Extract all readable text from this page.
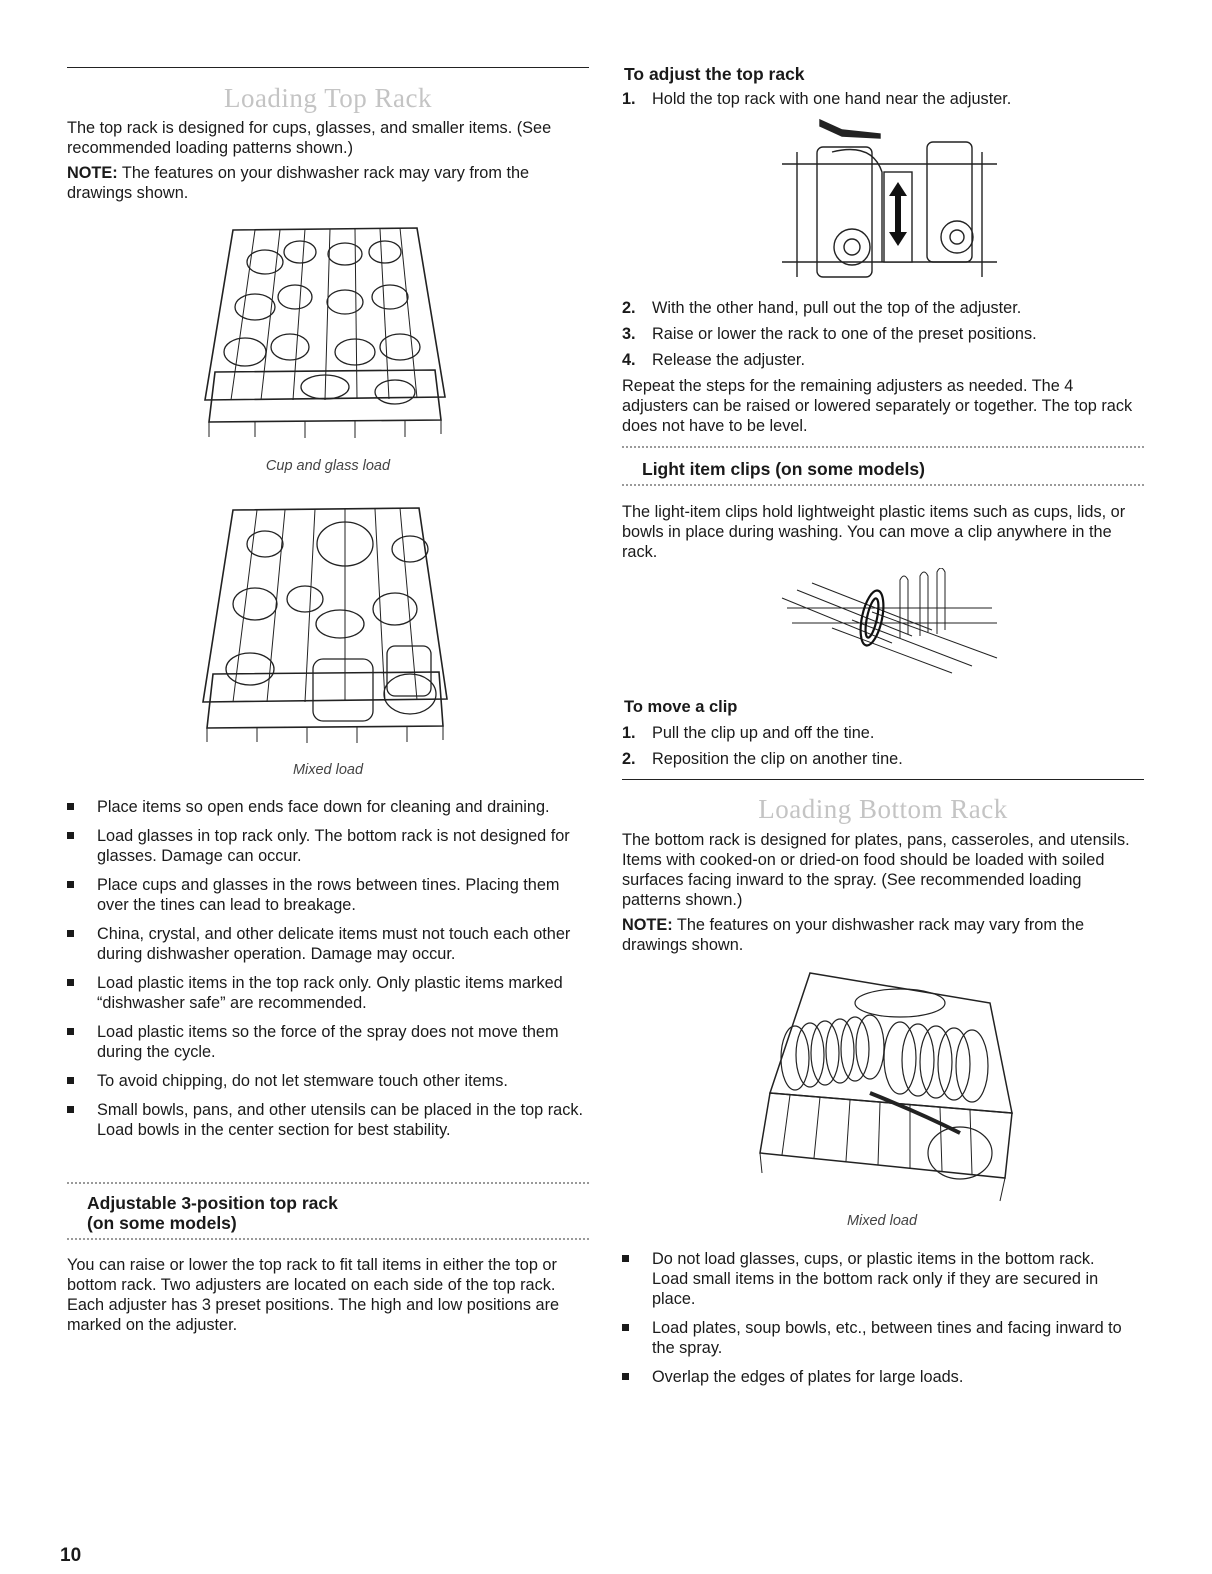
Loading Top Rack

The top rack is designed for cups, glasses, and smaller items. (See recommended loading patterns shown.)

NOTE: The features on your dishwasher rack may vary from the drawings shown.

Cup and glass load
Mixed load
Place items so open ends face down for cleaning and draining.
Load glasses in top rack only. The bottom rack is not designed for glasses. Damage can occur.
Place cups and glasses in the rows between tines. Placing them over the tines can lead to breakage.
China, crystal, and other delicate items must not touch each other during dishwasher operation. Damage may occur.
Load plastic items in the top rack only. Only plastic items marked “dishwasher safe” are recommended.
Load plastic items so the force of the spray does not move them during the cycle.
To avoid chipping, do not let stemware touch other items.
Small bowls, pans, and other utensils can be placed in the top rack. Load bowls in the center section for best stability.
Adjustable 3-position top rack
(on some models)

You can raise or lower the top rack to fit tall items in either the top or bottom rack. Two adjusters are located on each side of the top rack. Each adjuster has 3 preset positions. The high and low positions are marked on the adjuster.

To adjust the top rack
1. Hold the top rack with one hand near the adjuster.
2. With the other hand, pull out the top of the adjuster.
3. Raise or lower the rack to one of the preset positions.
4. Release the adjuster.

Repeat the steps for the remaining adjusters as needed. The 4 adjusters can be raised or lowered separately or together. The top rack does not have to be level.

Light item clips (on some models)

The light-item clips hold lightweight plastic items such as cups, lids, or bowls in place during washing. You can move a clip anywhere in the rack.

To move a clip
1. Pull the clip up and off the tine.
2. Reposition the clip on another tine.
Loading Bottom Rack

The bottom rack is designed for plates, pans, casseroles, and utensils. Items with cooked-on or dried-on food should be loaded with soiled surfaces facing inward to the spray. (See recommended loading patterns shown.)

NOTE: The features on your dishwasher rack may vary from the drawings shown.

Mixed load
Do not load glasses, cups, or plastic items in the bottom rack. Load small items in the bottom rack only if they are secured in place.
Load plates, soup bowls, etc., between tines and facing inward to the spray.
Overlap the edges of plates for large loads.
10
